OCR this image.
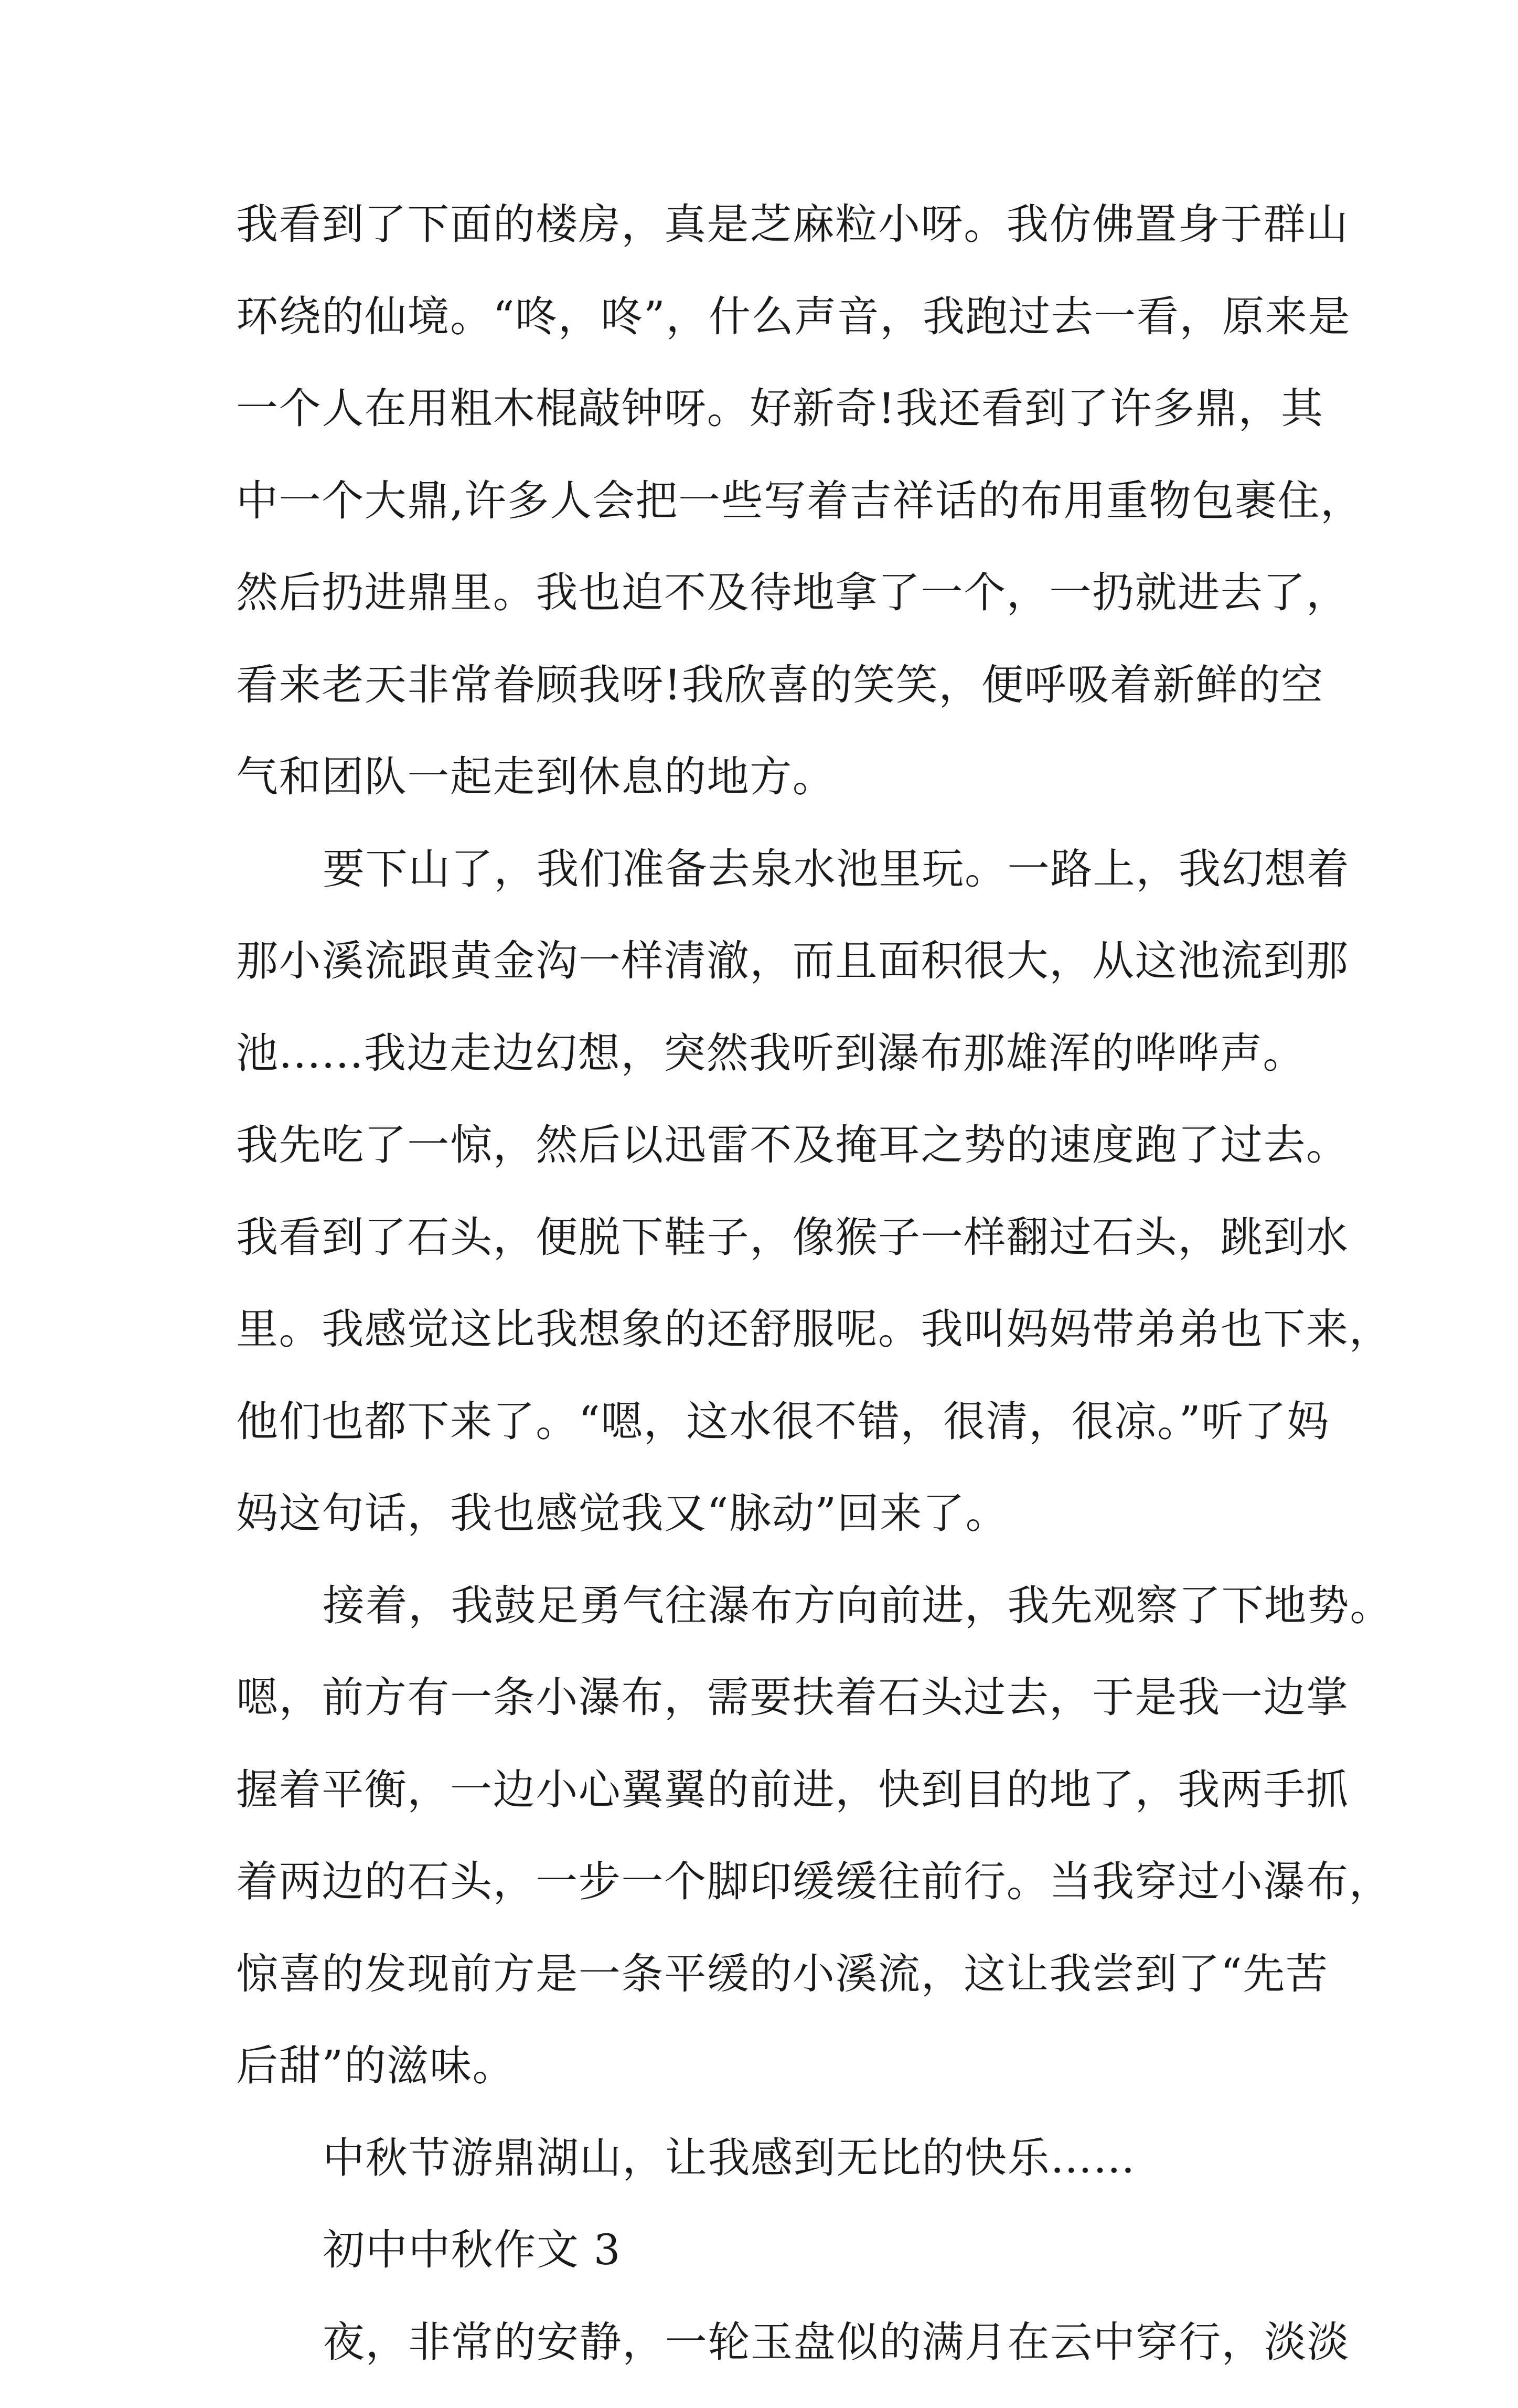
我看到了下面的楼房，真是芝麻粒小呀。我仿佛置身于群山
环绕的仙境。“咚，咚”，什么声音，我跑过去一看，原来是
一个人在用粗木棍敲钟呀。好新奇!我还看到了许多鼎，其
中一个大鼎,许多人会把一些写着吉祥话的布用重物包裹住，
然后扔进鼎里。我也迫不及待地拿了一个，一扔就进去了，
看来老天非常眷顾我呀!我欣喜的笑笑，便呼吸着新鲜的空
气和团队一起走到休息的地方。
要下山了，我们准备去泉水池里玩。一路上，我幻想着
那小溪流跟黄金沟一样清澈，而且面积很大，从这池流到那
池......我边走边幻想，突然我听到瀑布那雄浑的哗哗声。
我先吃了一惊，然后以迅雷不及掩耳之势的速度跑了过去。
我看到了石头，便脱下鞋子，像猴子一样翻过石头，跳到水
里。我感觉这比我想象的还舒服呢。我叫妈妈带弟弟也下来，
他们也都下来了。“嗯，这水很不错，很清，很凉。”听了妈
妈这句话，我也感觉我又“脉动”回来了。
接着，我鼓足勇气往瀑布方向前进，我先观察了下地势。
嗯，前方有一条小瀑布，需要扶着石头过去，于是我一边掌
握着平衡，一边小心翼翼的前进，快到目的地了，我两手抓
着两边的石头，一步一个脚印缓缓往前行。当我穿过小瀑布，
惊喜的发现前方是一条平缓的小溪流，这让我尝到了“先苦
后甜”的滋味。
中秋节游鼎湖山，让我感到无比的快乐……
初中中秋作文 3
夜，非常的安静，一轮玉盘似的满月在云中穿行，淡淡
